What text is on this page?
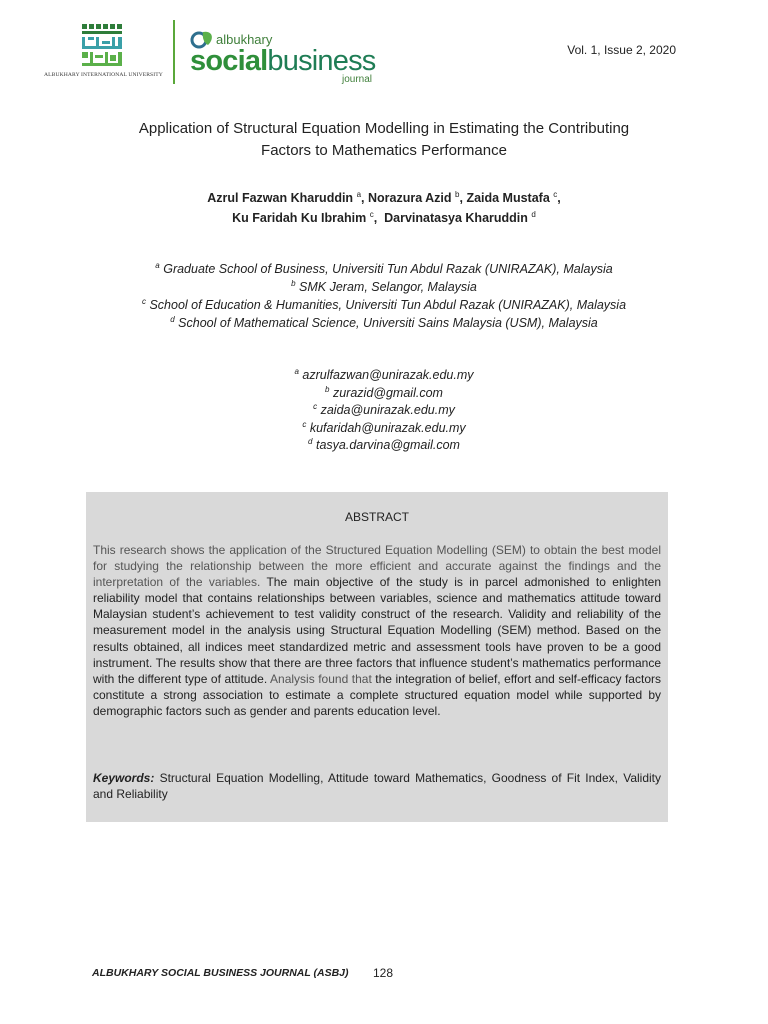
ALBUKHARY INTERNATIONAL UNIVERSITY
albukhary
socialbusiness
journal
Vol. 1, Issue 2, 2020
Application of Structural Equation Modelling in Estimating the Contributing
Factors to Mathematics Performance
Azrul Fazwan Kharuddin $^a$, Norazura Azid $^b$, Zaida Mustafa $^c$,
Ku Faridah Ku Ibrahim $^c$,  Darvinatasya Kharuddin $^d$
$^a$ Graduate School of Business, Universiti Tun Abdul Razak (UNIRAZAK), Malaysia
$^b$ SMK Jeram, Selangor, Malaysia
$^c$ School of Education & Humanities, Universiti Tun Abdul Razak (UNIRAZAK), Malaysia
$^d$ School of Mathematical Science, Universiti Sains Malaysia (USM), Malaysia
$^a$ azrulfazwan@unirazak.edu.my
$^b$ zurazid@gmail.com
$^c$ zaida@unirazak.edu.my
$^c$ kufaridah@unirazak.edu.my
$^d$ tasya.darvina@gmail.com
ABSTRACT
This research shows the application of the Structured Equation Modelling (SEM) to obtain the best model for studying the relationship between the more efficient and accurate against the findings and the interpretation of the variables. The main objective of the study is in parcel admonished to enlighten reliability model that contains relationships between variables, science and mathematics attitude toward Malaysian student’s achievement to test validity construct of the research. Validity and reliability of the measurement model in the analysis using Structural Equation Modelling (SEM) method. Based on the results obtained, all indices meet standardized metric and assessment tools have proven to be a good instrument. The results show that there are three factors that influence student’s mathematics performance with the different type of attitude. Analysis found that the integration of belief, effort and self-efficacy factors constitute a strong association to estimate a complete structured equation model while supported by demographic factors such as gender and parents education level.
Keywords: Structural Equation Modelling, Attitude toward Mathematics, Goodness of Fit Index, Validity and Reliability
ALBUKHARY SOCIAL BUSINESS JOURNAL (ASBJ) 128
